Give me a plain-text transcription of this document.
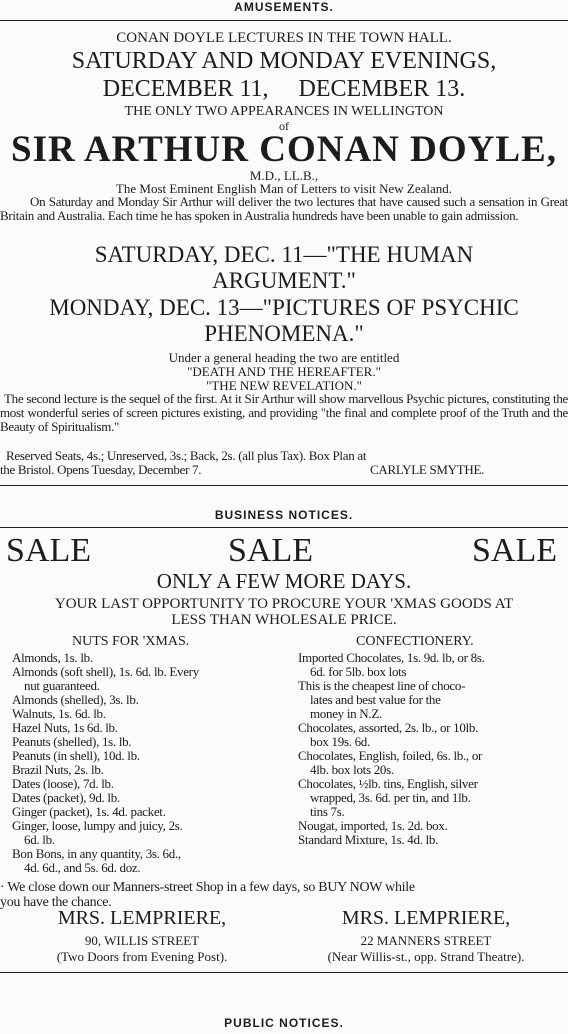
AMUSEMENTS.
CONAN DOYLE LECTURES IN THE TOWN HALL.
SATURDAY AND MONDAY EVENINGS,
DECEMBER 11,     DECEMBER 13.
THE ONLY TWO APPEARANCES IN WELLINGTON
of
SIR ARTHUR CONAN DOYLE,
M.D., LL.B.,
The Most Eminent English Man of Letters to visit New Zealand.
On Saturday and Monday Sir Arthur will deliver the two lectures that have caused such a sensation in Great Britain and Australia. Each time he has spoken in Australia hundreds have been unable to gain admission.
SATURDAY, DEC. 11—"THE HUMAN
ARGUMENT."
MONDAY, DEC. 13—"PICTURES OF PSYCHIC
PHENOMENA."
Under a general heading the two are entitled
"DEATH AND THE HEREAFTER."
"THE NEW REVELATION."
The second lecture is the sequel of the first. At it Sir Arthur will show marvellous Psychic pictures, constituting the most wonderful series of screen pictures existing, and providing "the final and complete proof of the Truth and the Beauty of Spiritualism."
Reserved Seats, 4s.; Unreserved, 3s.; Back, 2s. (all plus Tax). Box Plan at
the Bristol. Opens Tuesday, December 7.	CARLYLE SMYTHE.
BUSINESS NOTICES.
SALE	SALE	SALE
ONLY A FEW MORE DAYS.
YOUR LAST OPPORTUNITY TO PROCURE YOUR 'XMAS GOODS AT
LESS THAN WHOLESALE PRICE.
NUTS FOR 'XMAS.	CONFECTIONERY.
Almonds, 1s. lb.
Almonds (soft shell), 1s. 6d. lb. Every
nut guaranteed.
Almonds (shelled), 3s. lb.
Walnuts, 1s. 6d. lb.
Hazel Nuts, 1s 6d. lb.
Peanuts (shelled), 1s. lb.
Peanuts (in shell), 10d. lb.
Brazil Nuts, 2s. lb.
Dates (loose), 7d. lb.
Dates (packet), 9d. lb.
Ginger (packet), 1s. 4d. packet.
Ginger, loose, lumpy and juicy, 2s.
6d. lb.
Bon Bons, in any quantity, 3s. 6d.,
4d. 6d., and 5s. 6d. doz.
Imported Chocolates, 1s. 9d. lb, or 8s.
6d. for 5lb. box lots
This is the cheapest line of choco-
lates and best value for the
money in N.Z.
Chocolates, assorted, 2s. lb., or 10lb.
box 19s. 6d.
Chocolates, English, foiled, 6s. lb., or
4lb. box lots 20s.
Chocolates, ½lb. tins, English, silver
wrapped, 3s. 6d. per tin, and 1lb.
tins 7s.
Nougat, imported, 1s. 2d. box.
Standard Mixture, 1s. 4d. lb.
· We close down our Manners-street Shop in a few days, so BUY NOW while
you have the chance.
MRS. LEMPRIERE,
90, WILLIS STREET
(Two Doors from Evening Post).
MRS. LEMPRIERE,
22 MANNERS STREET
(Near Willis-st., opp. Strand Theatre).
PUBLIC NOTICES.
